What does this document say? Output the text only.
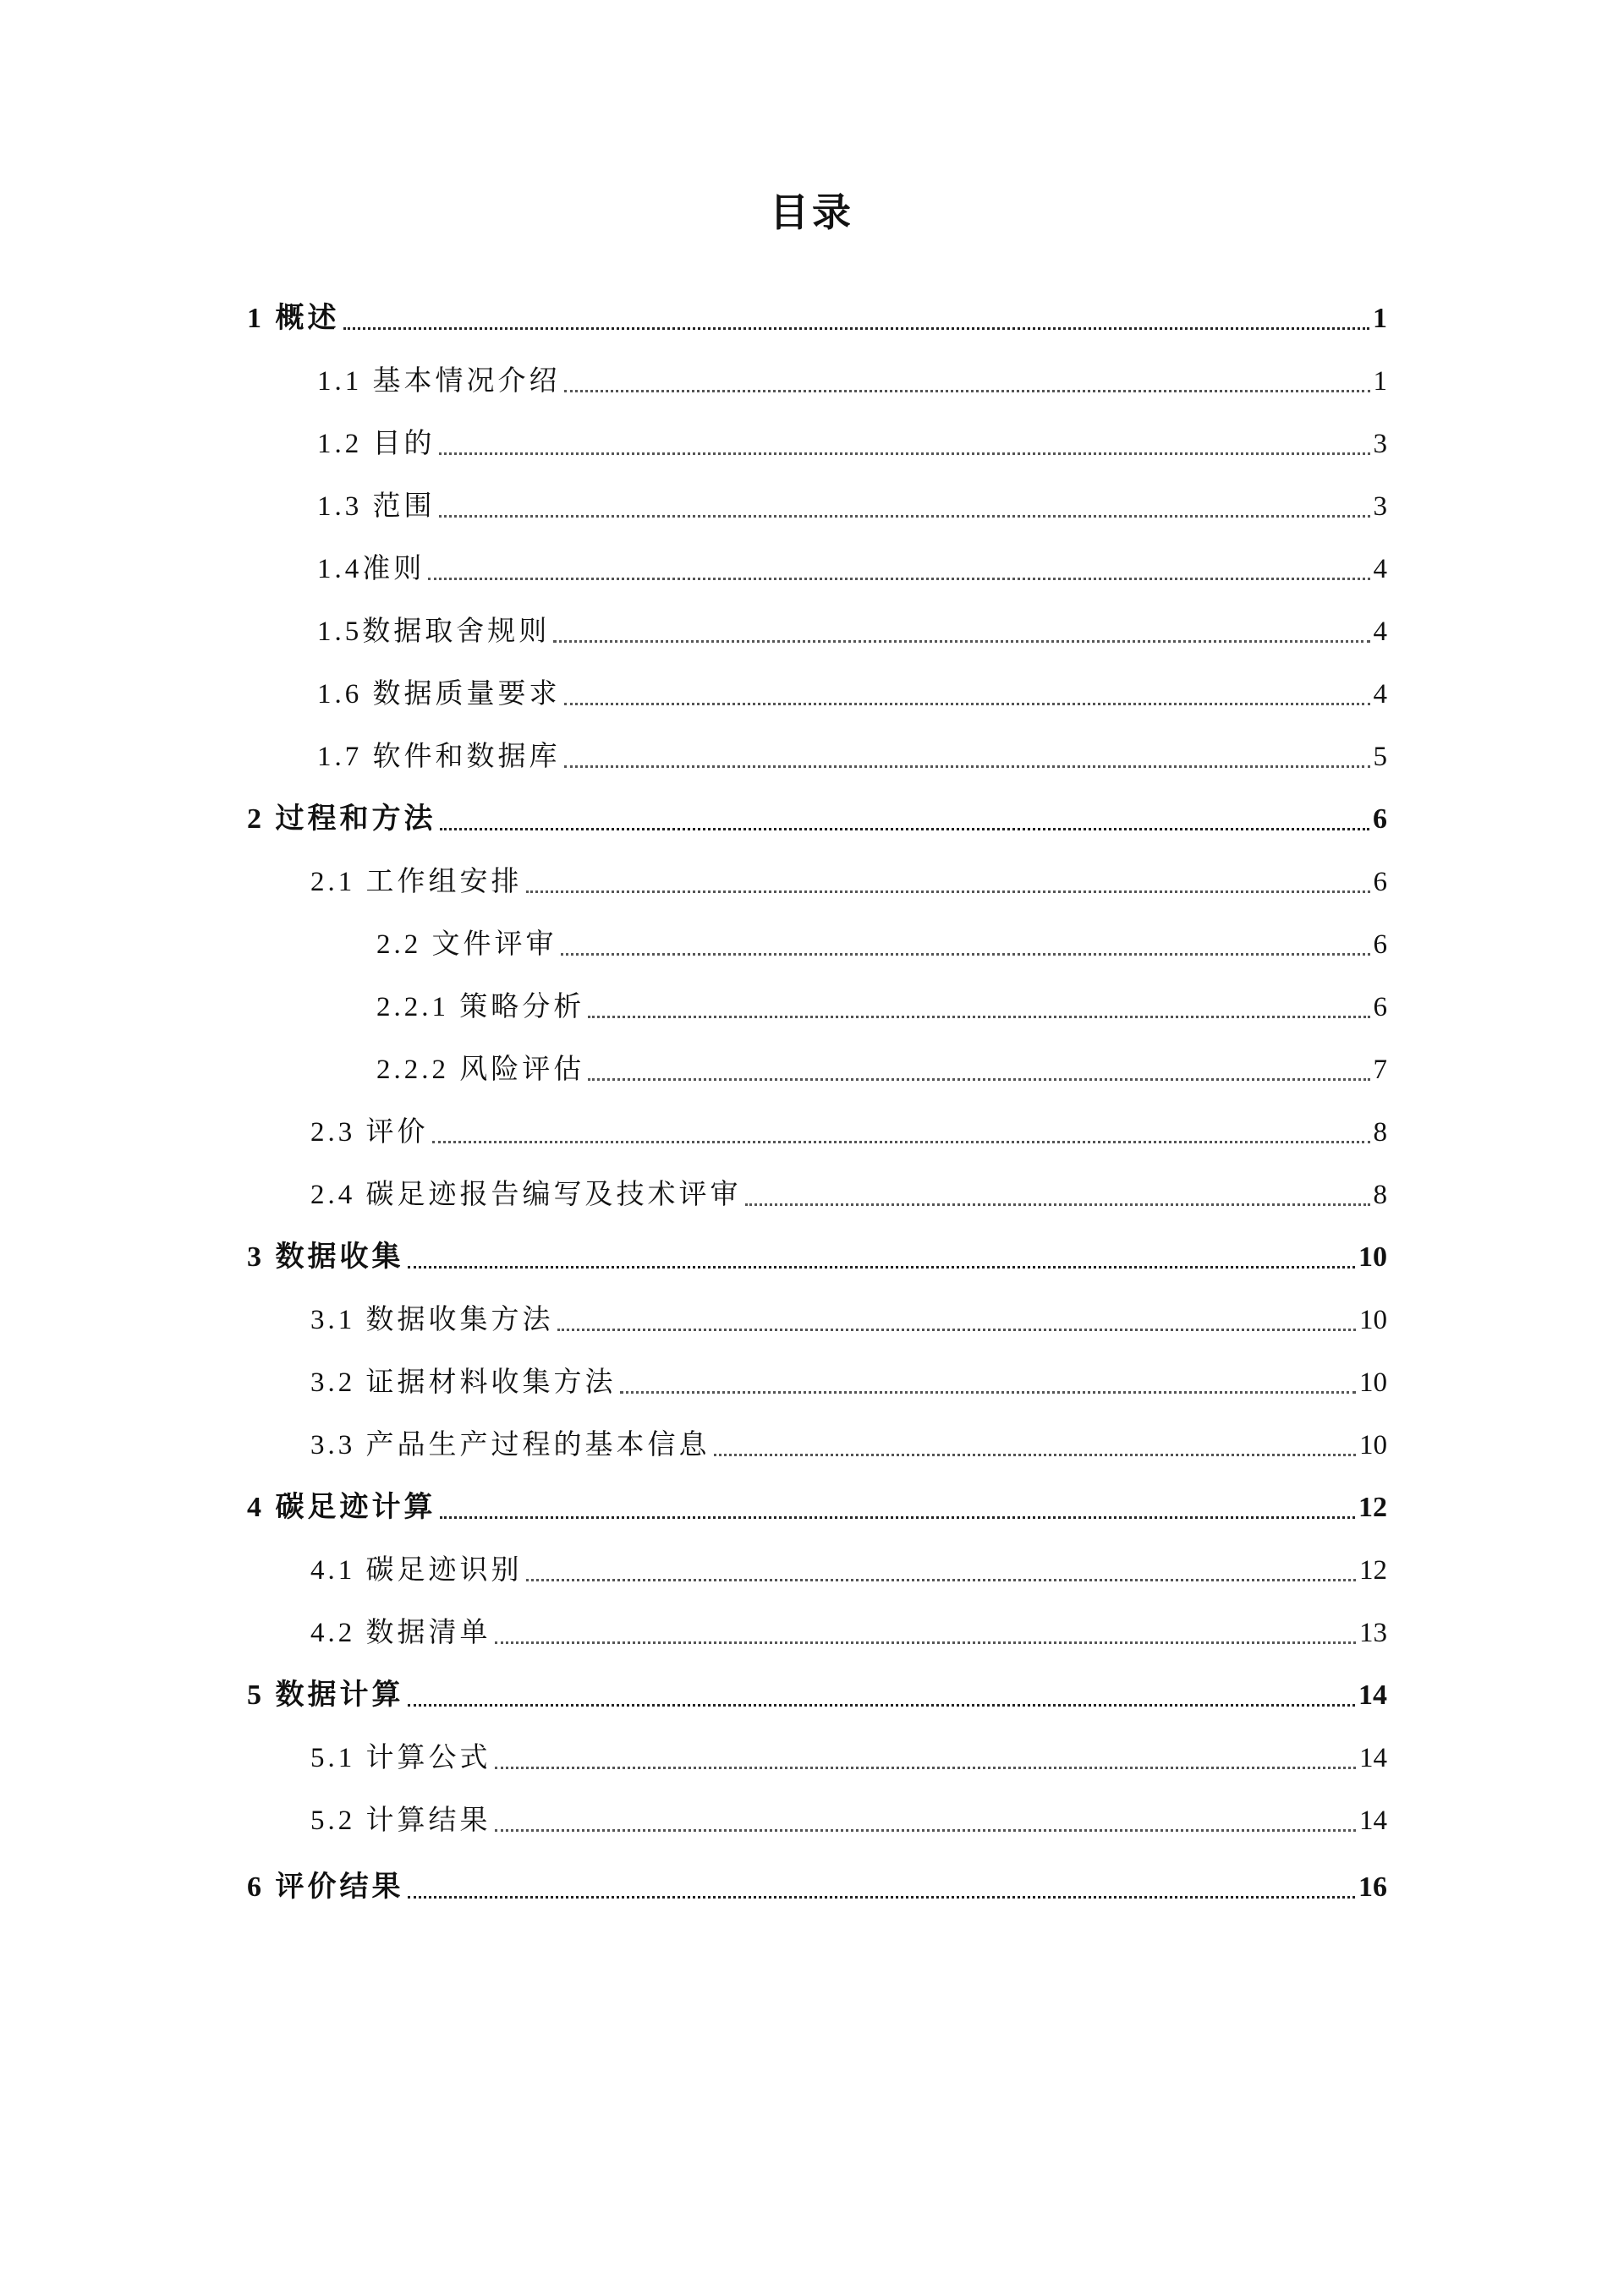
目录
1 概述	1
1.1 基本情况介绍	1
1.2 目的	3
1.3 范围	3
1.4准则	4
1.5数据取舍规则	4
1.6 数据质量要求	4
1.7 软件和数据库	5
2 过程和方法	6
2.1 工作组安排	6
2.2 文件评审	6
2.2.1 策略分析	6
2.2.2 风险评估	7
2.3 评价	8
2.4 碳足迹报告编写及技术评审	8
3 数据收集	10
3.1 数据收集方法	10
3.2 证据材料收集方法	10
3.3 产品生产过程的基本信息	10
4 碳足迹计算	12
4.1 碳足迹识别	12
4.2 数据清单	13
5 数据计算	14
5.1 计算公式	14
5.2 计算结果	14
6 评价结果	16
